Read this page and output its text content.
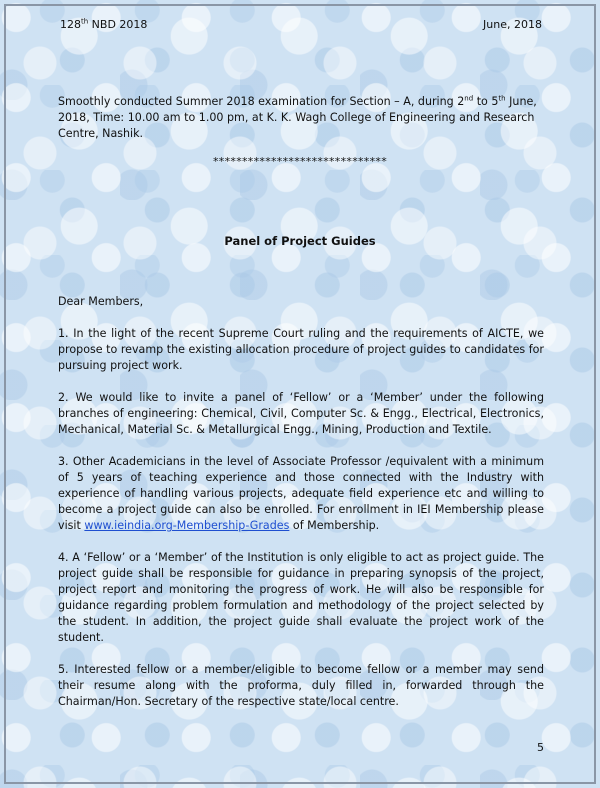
128th NBD 2018	June, 2018
Smoothly conducted Summer 2018 examination for Section – A, during 2nd to 5th June, 2018, Time: 10.00 am to 1.00 pm, at K. K. Wagh College of Engineering and Research Centre, Nashik.
******************************
Panel of Project Guides

Dear Members,

1. In the light of the recent Supreme Court ruling and the requirements of AICTE, we propose to revamp the existing allocation procedure of project guides to candidates for pursuing project work.

2. We would like to invite a panel of ‘Fellow’ or a ‘Member’ under the following branches of engineering: Chemical, Civil, Computer Sc. & Engg., Electrical, Electronics, Mechanical, Material Sc. & Metallurgical Engg., Mining, Production and Textile.

3. Other Academicians in the level of Associate Professor /equivalent with a minimum of 5 years of teaching experience and those connected with the Industry with experience of handling various projects, adequate field experience etc and willing to become a project guide can also be enrolled. For enrollment in IEI Membership please visit www.ieindia.org-Membership-Grades of Membership.

4. A ‘Fellow’ or a ‘Member’ of the Institution is only eligible to act as project guide. The project guide shall be responsible for guidance in preparing synopsis of the project, project report and monitoring the progress of work. He will also be responsible for guidance regarding problem formulation and methodology of the project selected by the student. In addition, the project guide shall evaluate the project work of the student.

5. Interested fellow or a member/eligible to become fellow or a member may send their resume along with the proforma, duly filled in, forwarded through the Chairman/Hon. Secretary of the respective state/local centre.

5
